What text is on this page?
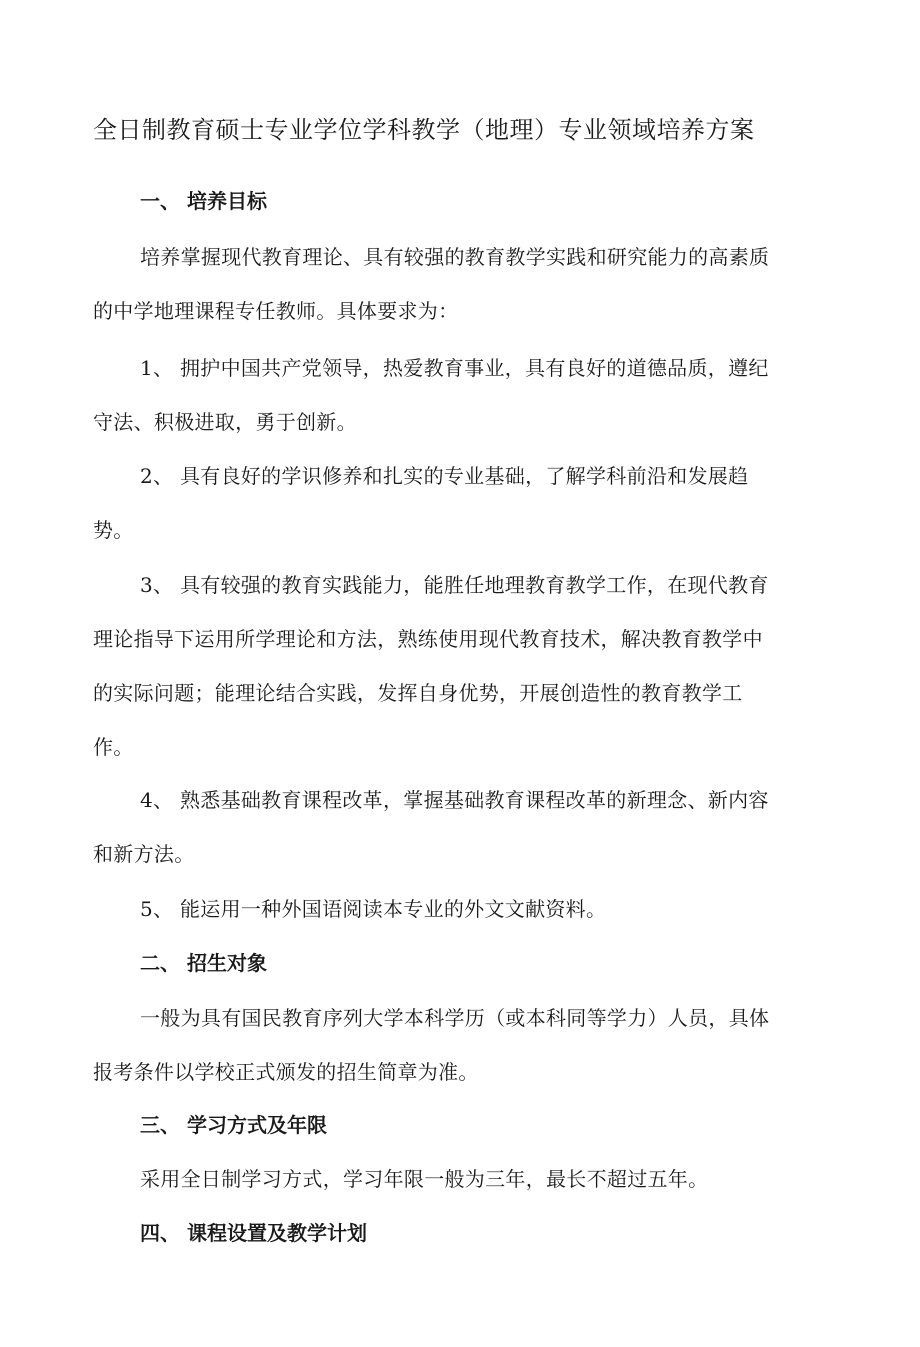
全日制教育硕士专业学位学科教学（地理）专业领域培养方案
一、 培养目标

培养掌握现代教育理论、具有较强的教育教学实践和研究能力的高素质的中学地理课程专任教师。具体要求为：

1、 拥护中国共产党领导，热爱教育事业，具有良好的道德品质，遵纪守法、积极进取，勇于创新。

2、 具有良好的学识修养和扎实的专业基础，了解学科前沿和发展趋势。

3、 具有较强的教育实践能力，能胜任地理教育教学工作，在现代教育理论指导下运用所学理论和方法，熟练使用现代教育技术，解决教育教学中的实际问题；能理论结合实践，发挥自身优势，开展创造性的教育教学工作。

4、 熟悉基础教育课程改革，掌握基础教育课程改革的新理念、新内容和新方法。

5、 能运用一种外国语阅读本专业的外文文献资料。

二、 招生对象

一般为具有国民教育序列大学本科学历（或本科同等学力）人员，具体报考条件以学校正式颁发的招生简章为准。

三、 学习方式及年限

采用全日制学习方式，学习年限一般为三年，最长不超过五年。

四、 课程设置及教学计划
